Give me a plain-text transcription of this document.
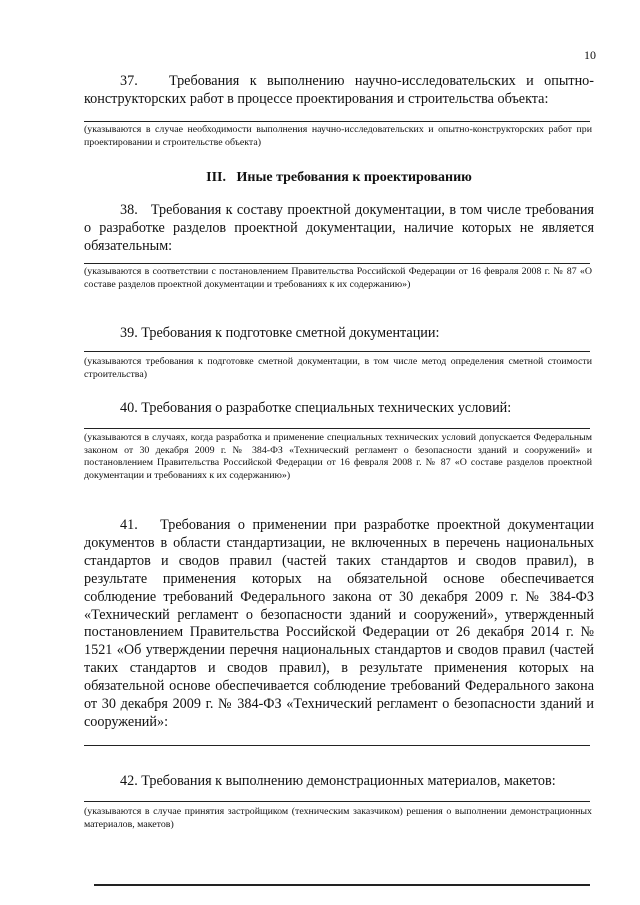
10
37.   Требования к выполнению научно-исследовательских и опытно-конструкторских работ в процессе проектирования и строительства объекта:
(указываются в случае необходимости выполнения научно-исследовательских и опытно-конструкторских работ при проектировании и строительстве объекта)
III.   Иные требования к проектированию
38.   Требования к составу проектной документации, в том числе требования о разработке разделов проектной документации, наличие которых не является обязательным:
(указываются в соответствии с постановлением Правительства Российской Федерации от 16 февраля 2008 г. № 87 «О составе разделов проектной документации и требованиях к их содержанию»)
39. Требования к подготовке сметной документации:
(указываются требования к подготовке сметной документации, в том числе метод определения сметной стоимости строительства)
40. Требования о разработке специальных технических условий:
(указываются в случаях, когда разработка и применение специальных технических условий допускается Федеральным законом от 30 декабря 2009 г. № 384-ФЗ «Технический регламент о безопасности зданий и сооружений» и постановлением Правительства Российской Федерации от 16 февраля 2008 г. № 87 «О составе разделов проектной документации и требованиях к их содержанию»)
41.   Требования о применении при разработке проектной документации документов в области стандартизации, не включенных в перечень национальных стандартов и сводов правил (частей таких стандартов и сводов правил), в результате применения которых на обязательной основе обеспечивается соблюдение требований Федерального закона от 30 декабря 2009 г. № 384-ФЗ «Технический регламент о безопасности зданий и сооружений», утвержденный постановлением Правительства Российской Федерации от 26 декабря 2014 г. № 1521 «Об утверждении перечня национальных стандартов и сводов правил (частей таких стандартов и сводов правил), в результате применения которых на обязательной основе обеспечивается соблюдение требований Федерального закона от 30 декабря 2009 г. № 384-ФЗ «Технический регламент о безопасности зданий и сооружений»:
42. Требования к выполнению демонстрационных материалов, макетов:
(указываются в случае принятия застройщиком (техническим заказчиком) решения о выполнении демонстрационных материалов, макетов)
